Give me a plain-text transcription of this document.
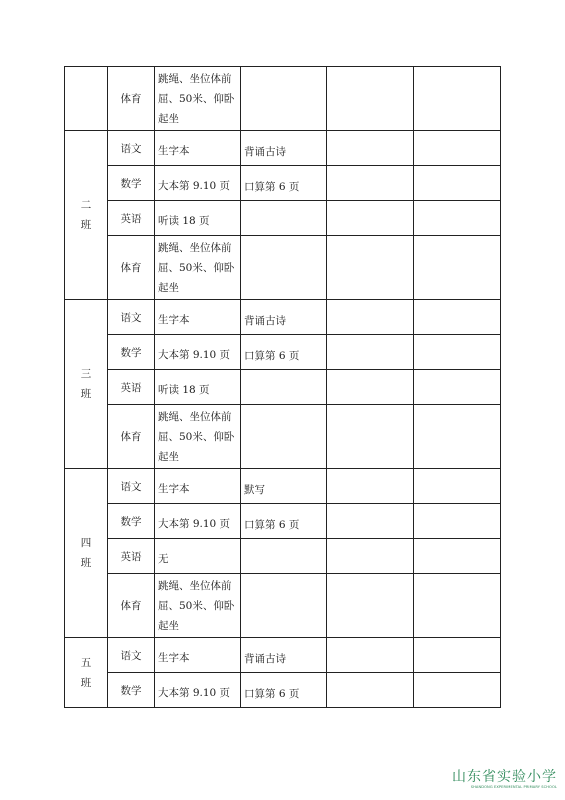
	体育	跳绳、坐位体前屈、50米、仰卧起坐			

二
班	语文	生字本	背诵古诗		

	数学	大本第 9.10 页	口算第 6 页		

	英语	听读 18 页			

	体育	跳绳、坐位体前屈、50米、仰卧起坐			

三
班	语文	生字本	背诵古诗		

	数学	大本第 9.10 页	口算第 6 页		

	英语	听读 18 页			

	体育	跳绳、坐位体前屈、50米、仰卧起坐			

四
班	语文	生字本	默写		

	数学	大本第 9.10 页	口算第 6 页		

	英语	无			

	体育	跳绳、坐位体前屈、50米、仰卧起坐			

五
班	语文	生字本	背诵古诗		

	数学	大本第 9.10 页	口算第 6 页		

山东省实验小学
SHANDONG EXPERIMENTAL PRIMARY SCHOOL
